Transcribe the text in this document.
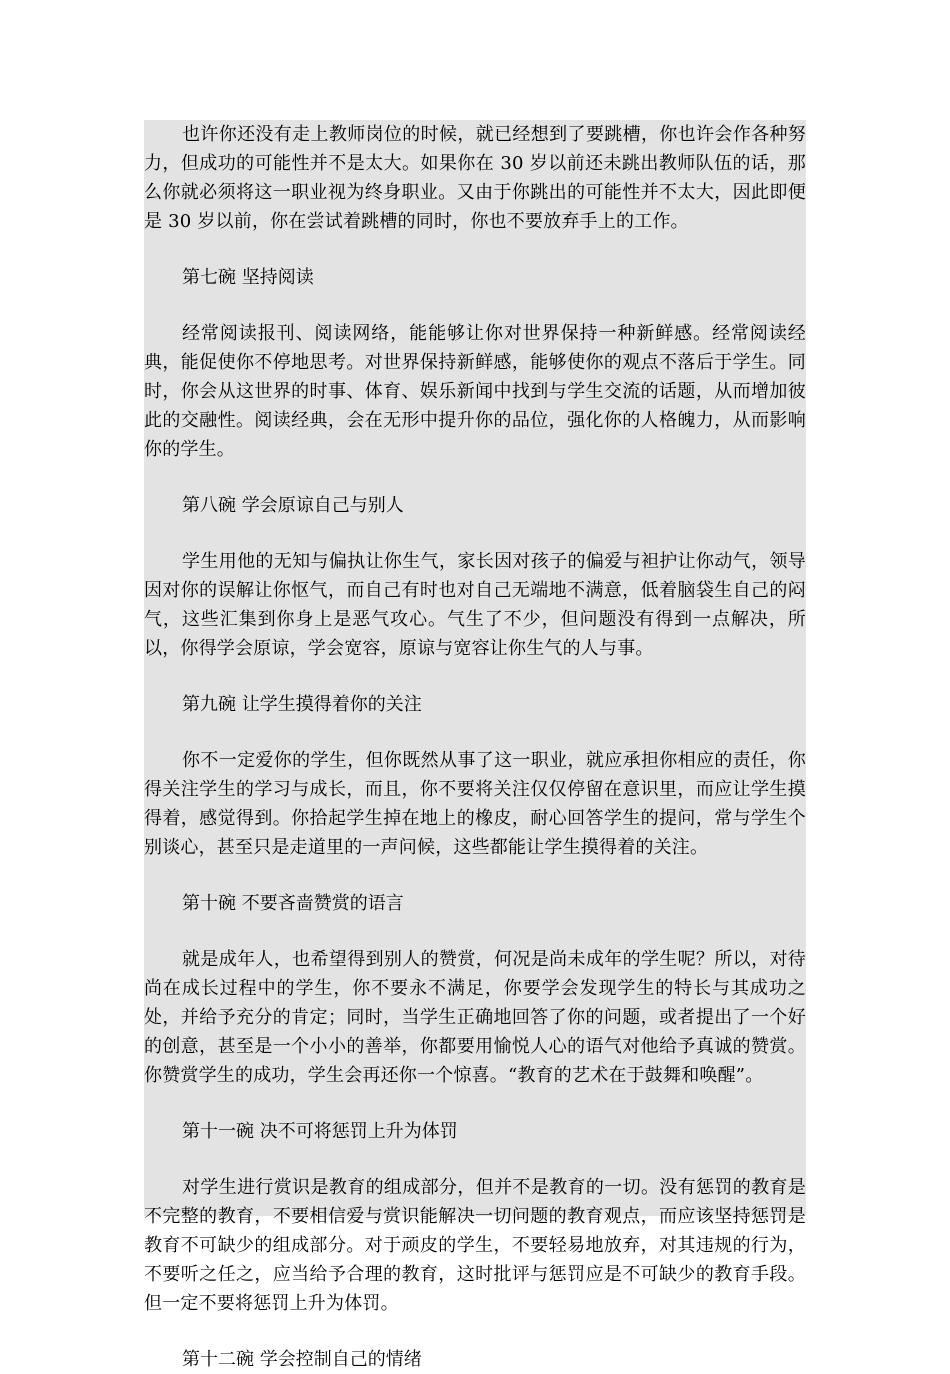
也许你还没有走上教师岗位的时候，就已经想到了要跳槽，你也许会作各种努力，但成功的可能性并不是太大。如果你在 30 岁以前还未跳出教师队伍的话，那么你就必须将这一职业视为终身职业。又由于你跳出的可能性并不太大，因此即便是 30 岁以前，你在尝试着跳槽的同时，你也不要放弃手上的工作。

第七碗 坚持阅读

经常阅读报刊、阅读网络，能能够让你对世界保持一种新鲜感。经常阅读经典，能促使你不停地思考。对世界保持新鲜感，能够使你的观点不落后于学生。同时，你会从这世界的时事、体育、娱乐新闻中找到与学生交流的话题，从而增加彼此的交融性。阅读经典，会在无形中提升你的品位，强化你的人格魄力，从而影响你的学生。

第八碗 学会原谅自己与别人

学生用他的无知与偏执让你生气，家长因对孩子的偏爱与袒护让你动气，领导因对你的误解让你怄气，而自己有时也对自己无端地不满意，低着脑袋生自己的闷气，这些汇集到你身上是恶气攻心。气生了不少，但问题没有得到一点解决，所以，你得学会原谅，学会宽容，原谅与宽容让你生气的人与事。

第九碗 让学生摸得着你的关注

你不一定爱你的学生，但你既然从事了这一职业，就应承担你相应的责任，你得关注学生的学习与成长，而且，你不要将关注仅仅停留在意识里，而应让学生摸得着，感觉得到。你拾起学生掉在地上的橡皮，耐心回答学生的提问，常与学生个别谈心，甚至只是走道里的一声问候，这些都能让学生摸得着的关注。

第十碗 不要吝啬赞赏的语言

就是成年人，也希望得到别人的赞赏，何况是尚未成年的学生呢？所以，对待尚在成长过程中的学生，你不要永不满足，你要学会发现学生的特长与其成功之处，并给予充分的肯定；同时，当学生正确地回答了你的问题，或者提出了一个好的创意，甚至是一个小小的善举，你都要用愉悦人心的语气对他给予真诚的赞赏。你赞赏学生的成功，学生会再还你一个惊喜。“教育的艺术在于鼓舞和唤醒”。

第十一碗 决不可将惩罚上升为体罚

对学生进行赏识是教育的组成部分，但并不是教育的一切。没有惩罚的教育是不完整的教育，不要相信爱与赏识能解决一切问题的教育观点，而应该坚持惩罚是教育不可缺少的组成部分。对于顽皮的学生，不要轻易地放弃，对其违规的行为，不要听之任之，应当给予合理的教育，这时批评与惩罚应是不可缺少的教育手段。但一定不要将惩罚上升为体罚。

第十二碗 学会控制自己的情绪
